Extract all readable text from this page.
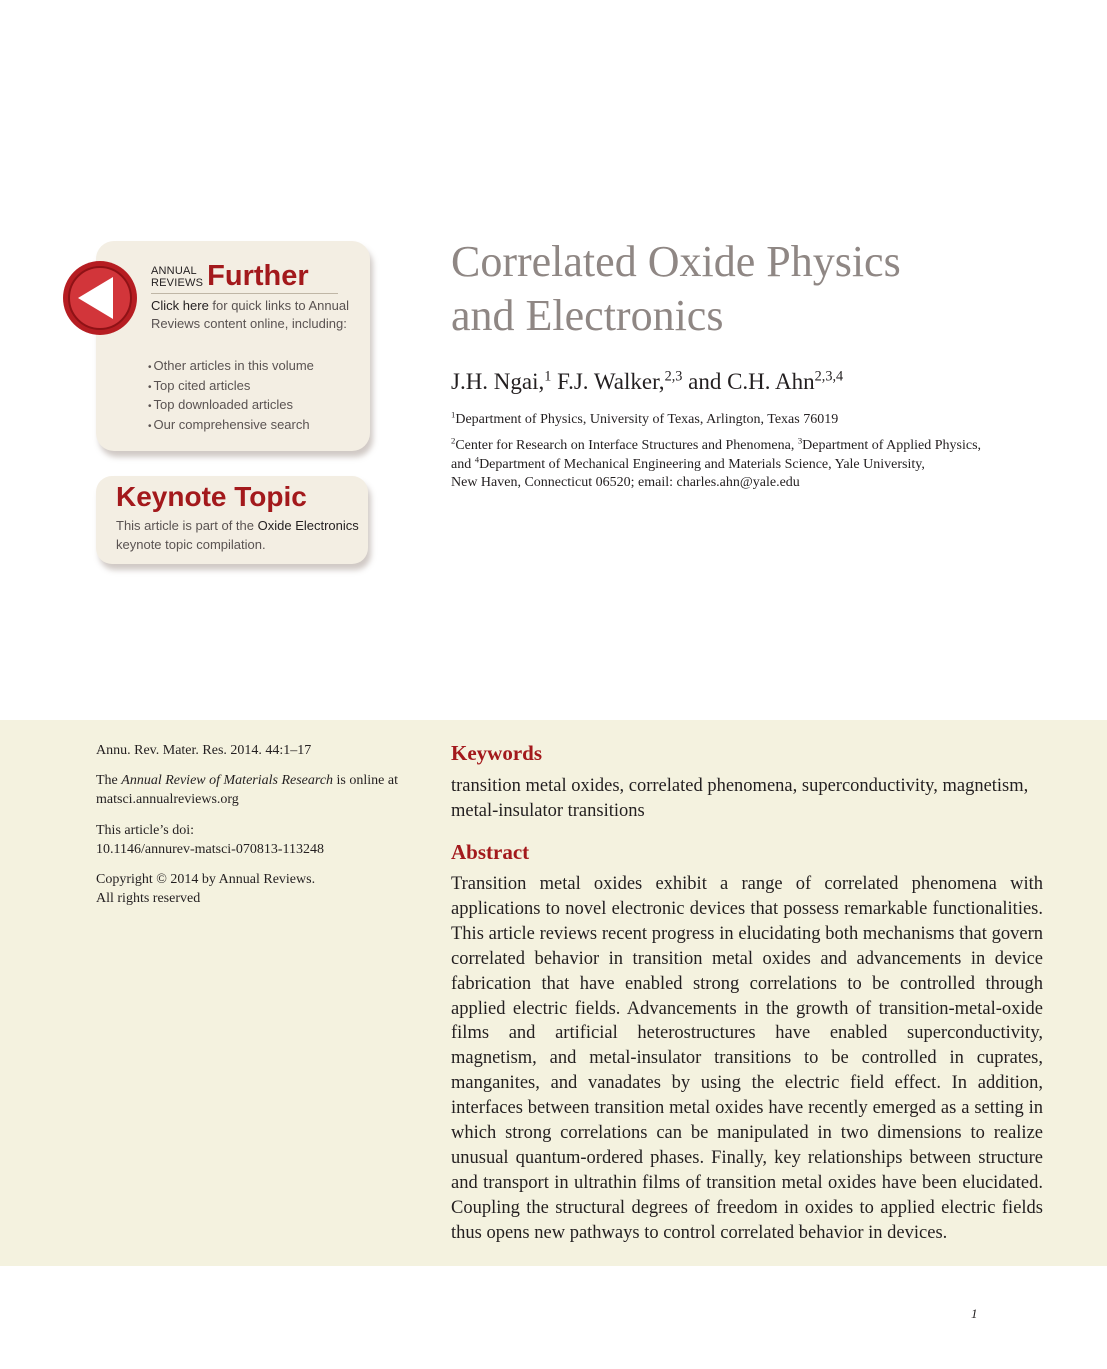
ANNUAL
REVIEWS Further
Click here for quick links to Annual Reviews content online, including:
• Other articles in this volume
• Top cited articles
• Top downloaded articles
• Our comprehensive search
Keynote Topic
This article is part of the Oxide Electronics keynote topic compilation.
Correlated Oxide Physics
and Electronics
J.H. Ngai,$^1$ F.J. Walker,$^{2,3}$ and C.H. Ahn$^{2,3,4}$
$^1$Department of Physics, University of Texas, Arlington, Texas 76019
$^2$Center for Research on Interface Structures and Phenomena, $^3$Department of Applied Physics,
and $^4$Department of Mechanical Engineering and Materials Science, Yale University,
New Haven, Connecticut 06520; email: charles.ahn@yale.edu

Annu. Rev. Mater. Res. 2014. 44:1–17

The Annual Review of Materials Research is online at
matsci.annualreviews.org

This article’s doi:
10.1146/annurev-matsci-070813-113248

Copyright © 2014 by Annual Reviews.
All rights reserved

Keywords

transition metal oxides, correlated phenomena, superconductivity, magnetism, metal-insulator transitions

Abstract

Transition metal oxides exhibit a range of correlated phenomena with applications to novel electronic devices that possess remarkable functionalities. This article reviews recent progress in elucidating both mechanisms that govern correlated behavior in transition metal oxides and advancements in device fabrication that have enabled strong correlations to be controlled through applied electric fields. Advancements in the growth of transition-metal-oxide films and artificial heterostructures have enabled superconductivity, magnetism, and metal-insulator transitions to be controlled in cuprates, manganites, and vanadates by using the electric field effect. In addition, interfaces between transition metal oxides have recently emerged as a setting in which strong correlations can be manipulated in two dimensions to realize unusual quantum-ordered phases. Finally, key relationships between structure and transport in ultrathin films of transition metal oxides have been elucidated. Coupling the structural degrees of freedom in oxides to applied electric fields thus opens new pathways to control correlated behavior in devices.

1
